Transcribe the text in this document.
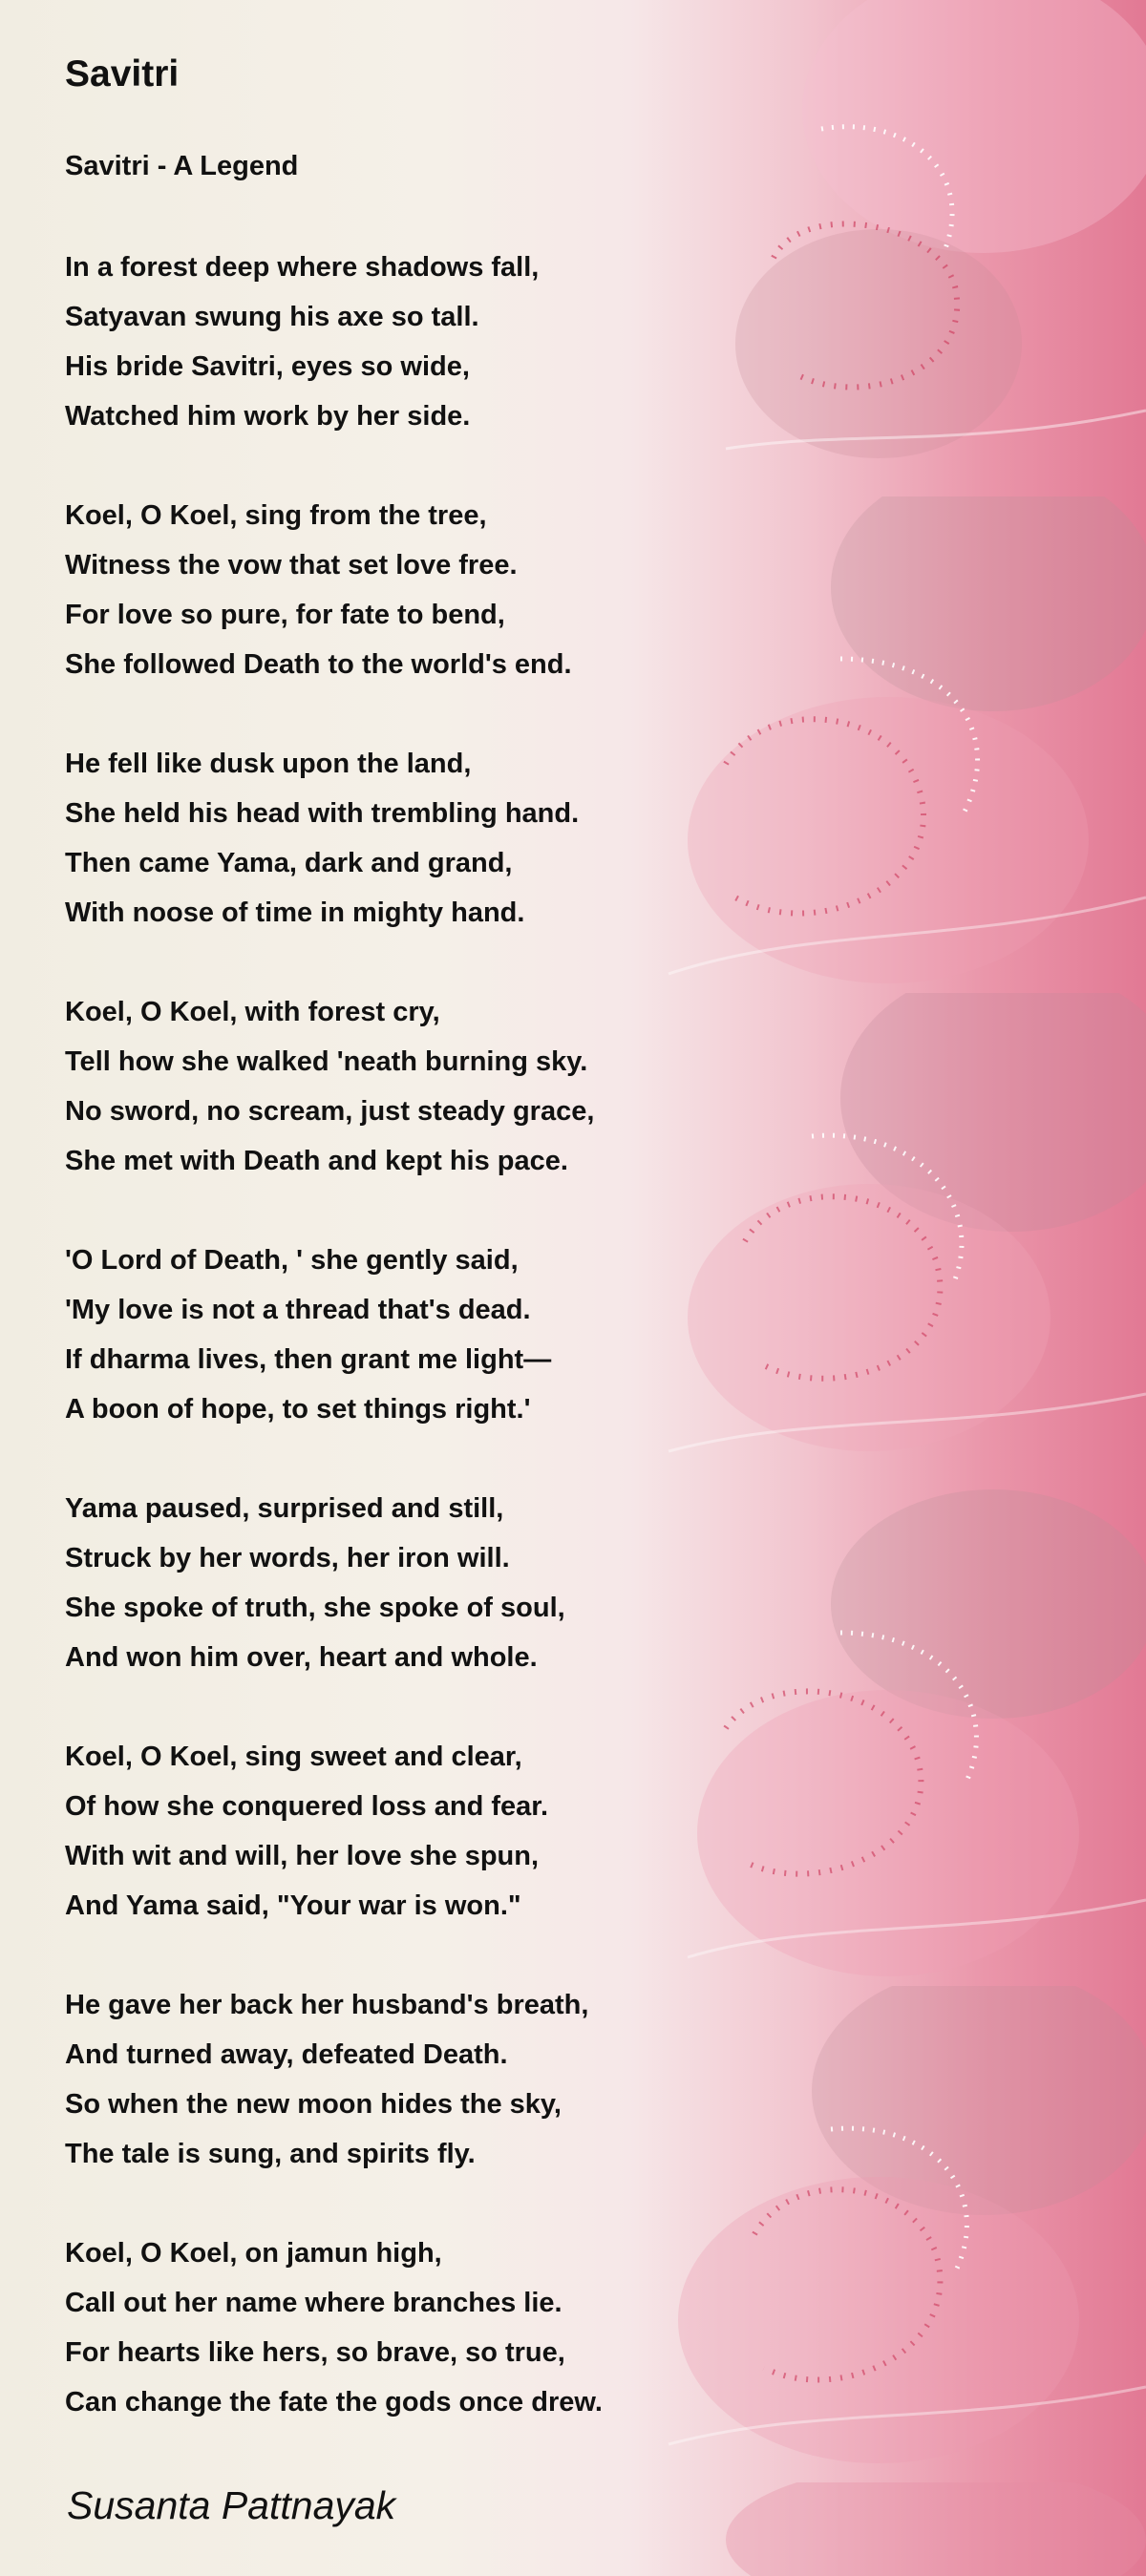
Savitri
Savitri - A Legend
In a forest deep where shadows fall,
Satyavan swung his axe so tall.
His bride Savitri, eyes so wide,
Watched him work by her side.
Koel, O Koel, sing from the tree,
Witness the vow that set love free.
For love so pure, for fate to bend,
She followed Death to the world's end.
He fell like dusk upon the land,
She held his head with trembling hand.
Then came Yama, dark and grand,
With noose of time in mighty hand.
Koel, O Koel, with forest cry,
Tell how she walked 'neath burning sky.
No sword, no scream, just steady grace,
She met with Death and kept his pace.
'O Lord of Death, ' she gently said,
'My love is not a thread that's dead.
If dharma lives, then grant me light—
A boon of hope, to set things right.'
Yama paused, surprised and still,
Struck by her words, her iron will.
She spoke of truth, she spoke of soul,
And won him over, heart and whole.
Koel, O Koel, sing sweet and clear,
Of how she conquered loss and fear.
With wit and will, her love she spun,
And Yama said, "Your war is won."
He gave her back her husband's breath,
And turned away, defeated Death.
So when the new moon hides the sky,
The tale is sung, and spirits fly.
Koel, O Koel, on jamun high,
Call out her name where branches lie.
For hearts like hers, so brave, so true,
Can change the fate the gods once drew.
Susanta Pattnayak
